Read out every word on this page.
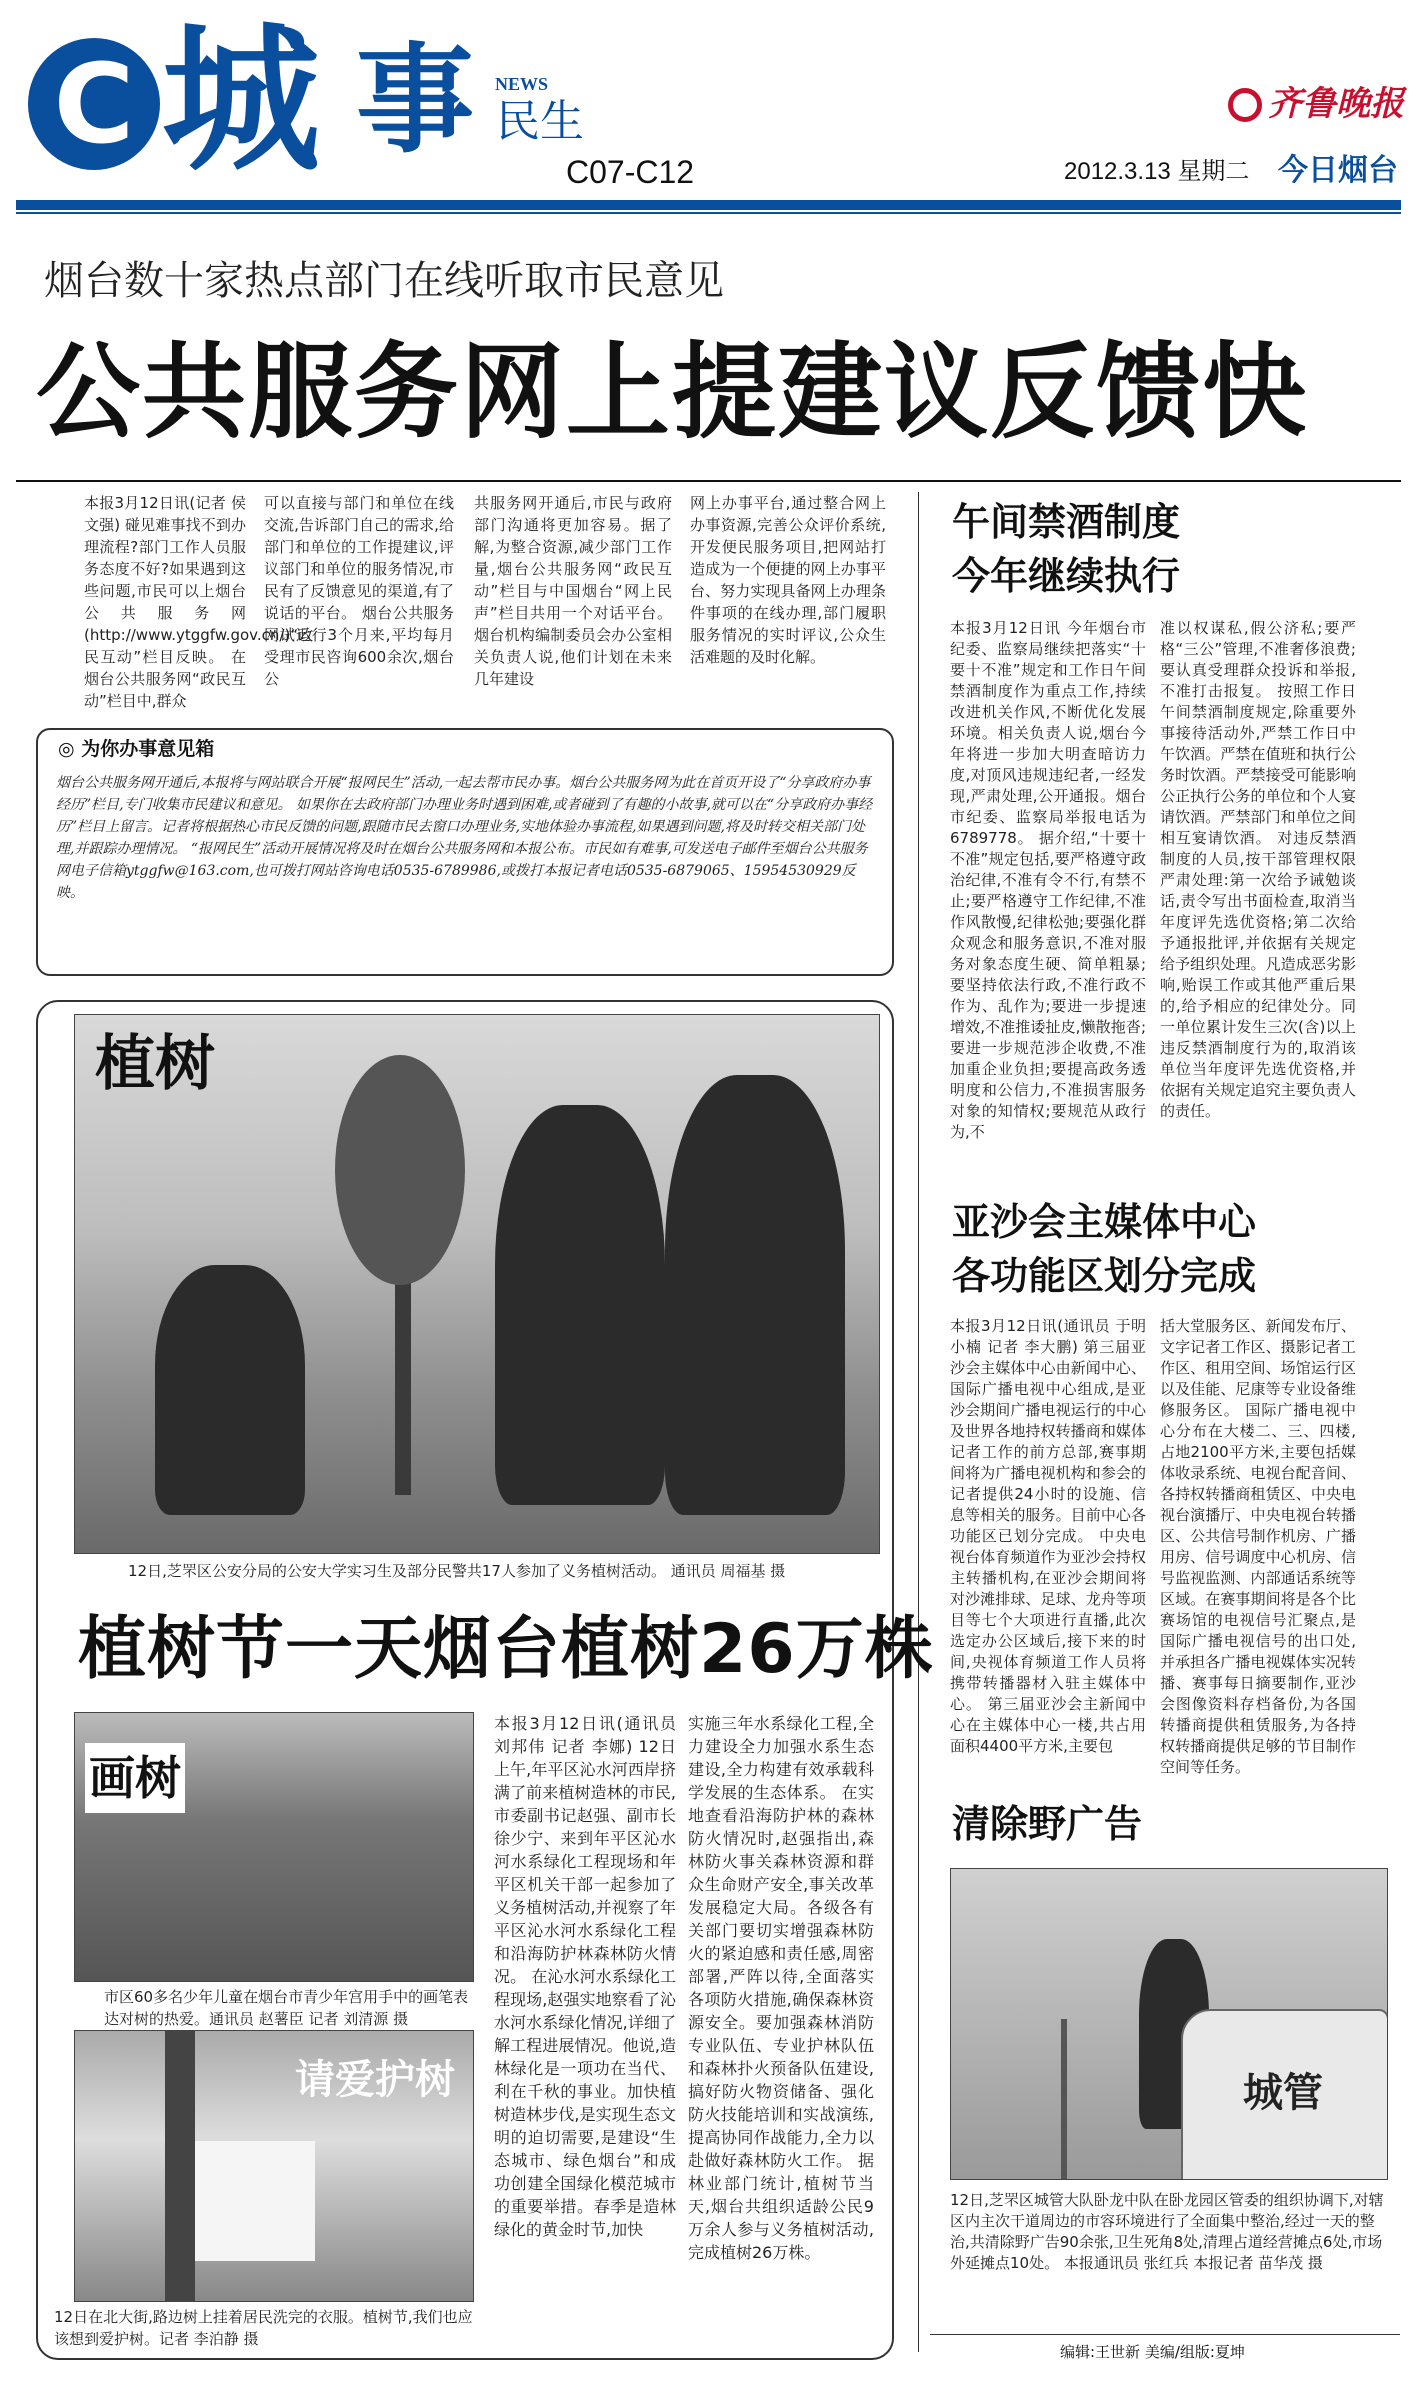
C 城 事 NEWS
民生
C07-C12
齐鲁晚报
2012.3.13 星期二 今日烟台
烟台数十家热点部门在线听取市民意见
公共服务网上提建议反馈快
本报3月12日讯(记者 侯文强) 碰见难事找不到办理流程?部门工作人员服务态度不好?如果遇到这些问题,市民可以上烟台公共服务网(http://www.ytggfw.gov.cn/)“政民互动”栏目反映。 在烟台公共服务网“政民互动”栏目中,群众
可以直接与部门和单位在线交流,告诉部门自己的需求,给部门和单位的工作提建议,评议部门和单位的服务情况,市民有了反馈意见的渠道,有了说话的平台。 烟台公共服务网试运行3个月来,平均每月受理市民咨询600余次,烟台公
共服务网开通后,市民与政府部门沟通将更加容易。据了解,为整合资源,减少部门工作量,烟台公共服务网“政民互动”栏目与中国烟台“网上民声”栏目共用一个对话平台。 烟台机构编制委员会办公室相关负责人说,他们计划在未来几年建设
网上办事平台,通过整合网上办事资源,完善公众评价系统,开发便民服务项目,把网站打造成为一个便捷的网上办事平台、努力实现具备网上办理条件事项的在线办理,部门履职服务情况的实时评议,公众生活难题的及时化解。
◎ 为你办事意见箱
烟台公共服务网开通后,本报将与网站联合开展“报网民生”活动,一起去帮市民办事。烟台公共服务网为此在首页开设了“分享政府办事经历”栏目,专门收集市民建议和意见。 如果你在去政府部门办理业务时遇到困难,或者碰到了有趣的小故事,就可以在“分享政府办事经历”栏目上留言。记者将根据热心市民反馈的问题,跟随市民去窗口办理业务,实地体验办事流程,如果遇到问题,将及时转交相关部门处理,并跟踪办理情况。 “报网民生”活动开展情况将及时在烟台公共服务网和本报公布。市民如有难事,可发送电子邮件至烟台公共服务网电子信箱ytggfw@163.com,也可拨打网站咨询电话0535-6789986,或拨打本报记者电话0535-6879065、15954530929反映。
植树
12日,芝罘区公安分局的公安大学实习生及部分民警共17人参加了义务植树活动。 通讯员 周福基 摄
植树节一天烟台植树26万株
画树
市区60多名少年儿童在烟台市青少年宫用手中的画笔表达对树的热爱。通讯员 赵薯臣 记者 刘清源 摄
请爱护树
12日在北大街,路边树上挂着居民洗完的衣服。植树节,我们也应该想到爱护树。记者 李泊静 摄
本报3月12日讯(通讯员 刘邦伟 记者 李娜) 12日上午,年平区沁水河西岸挤满了前来植树造林的市民,市委副书记赵强、副市长徐少宁、来到年平区沁水河水系绿化工程现场和年平区机关干部一起参加了义务植树活动,并视察了年平区沁水河水系绿化工程和沿海防护林森林防火情况。 在沁水河水系绿化工程现场,赵强实地察看了沁水河水系绿化情况,详细了解工程进展情况。他说,造林绿化是一项功在当代、利在千秋的事业。加快植树造林步伐,是实现生态文明的迫切需要,是建设“生态城市、绿色烟台”和成功创建全国绿化模范城市的重要举措。春季是造林绿化的黄金时节,加快
实施三年水系绿化工程,全力建设全力加强水系生态建设,全力构建有效承载科学发展的生态体系。 在实地查看沿海防护林的森林防火情况时,赵强指出,森林防火事关森林资源和群众生命财产安全,事关改革发展稳定大局。各级各有关部门要切实增强森林防火的紧迫感和责任感,周密部署,严阵以待,全面落实各项防火措施,确保森林资源安全。要加强森林消防专业队伍、专业护林队伍和森林扑火预备队伍建设,搞好防火物资储备、强化防火技能培训和实战演练,提高协同作战能力,全力以赴做好森林防火工作。 据林业部门统计,植树节当天,烟台共组织适龄公民9万余人参与义务植树活动,完成植树26万株。
午间禁酒制度
今年继续执行
本报3月12日讯 今年烟台市纪委、监察局继续把落实“十要十不准”规定和工作日午间禁酒制度作为重点工作,持续改进机关作风,不断优化发展环境。相关负责人说,烟台今年将进一步加大明查暗访力度,对顶风违规违纪者,一经发现,严肃处理,公开通报。烟台市纪委、监察局举报电话为6789778。 据介绍,“十要十不准”规定包括,要严格遵守政治纪律,不准有令不行,有禁不止;要严格遵守工作纪律,不准作风散慢,纪律松弛;要强化群众观念和服务意识,不准对服务对象态度生硬、简单粗暴;要坚持依法行政,不准行政不作为、乱作为;要进一步提速增效,不准推诿扯皮,懒散拖沓;要进一步规范涉企收费,不准加重企业负担;要提高政务透明度和公信力,不准损害服务对象的知情权;要规范从政行为,不
准以权谋私,假公济私;要严格“三公”管理,不准奢侈浪费;要认真受理群众投诉和举报,不准打击报复。 按照工作日午间禁酒制度规定,除重要外事接待活动外,严禁工作日中午饮酒。严禁在值班和执行公务时饮酒。严禁接受可能影响公正执行公务的单位和个人宴请饮酒。严禁部门和单位之间相互宴请饮酒。 对违反禁酒制度的人员,按干部管理权限严肃处理:第一次给予诫勉谈话,责令写出书面检查,取消当年度评先选优资格;第二次给予通报批评,并依据有关规定给予组织处理。凡造成恶劣影响,贻误工作或其他严重后果的,给予相应的纪律处分。同一单位累计发生三次(含)以上违反禁酒制度行为的,取消该单位当年度评先选优资格,并依据有关规定追究主要负责人的责任。
亚沙会主媒体中心
各功能区划分完成
本报3月12日讯(通讯员 于明 小楠 记者 李大鹏) 第三届亚沙会主媒体中心由新闻中心、国际广播电视中心组成,是亚沙会期间广播电视运行的中心及世界各地持权转播商和媒体记者工作的前方总部,赛事期间将为广播电视机构和参会的记者提供24小时的设施、信息等相关的服务。目前中心各功能区已划分完成。 中央电视台体育频道作为亚沙会持权主转播机构,在亚沙会期间将对沙滩排球、足球、龙舟等项目等七个大项进行直播,此次选定办公区域后,接下来的时间,央视体育频道工作人员将携带转播器材入驻主媒体中心。 第三届亚沙会主新闻中心在主媒体中心一楼,共占用面积4400平方米,主要包
括大堂服务区、新闻发布厅、文字记者工作区、摄影记者工作区、租用空间、场馆运行区以及佳能、尼康等专业设备维修服务区。 国际广播电视中心分布在大楼二、三、四楼,占地2100平方米,主要包括媒体收录系统、电视台配音间、各持权转播商租赁区、中央电视台演播厅、中央电视台转播区、公共信号制作机房、广播用房、信号调度中心机房、信号监视监测、内部通话系统等区域。在赛事期间将是各个比赛场馆的电视信号汇聚点,是国际广播电视信号的出口处,并承担各广播电视媒体实况转播、赛事每日摘要制作,亚沙会图像资料存档备份,为各国转播商提供租赁服务,为各持权转播商提供足够的节目制作空间等任务。
清除野广告
城管
12日,芝罘区城管大队卧龙中队在卧龙园区管委的组织协调下,对辖区内主次干道周边的市容环境进行了全面集中整治,经过一天的整治,共清除野广告90余张,卫生死角8处,清理占道经营摊点6处,市场外延摊点10处。 本报通讯员 张红兵 本报记者 苗华茂 摄
编辑:王世新 美编/组版:夏坤
